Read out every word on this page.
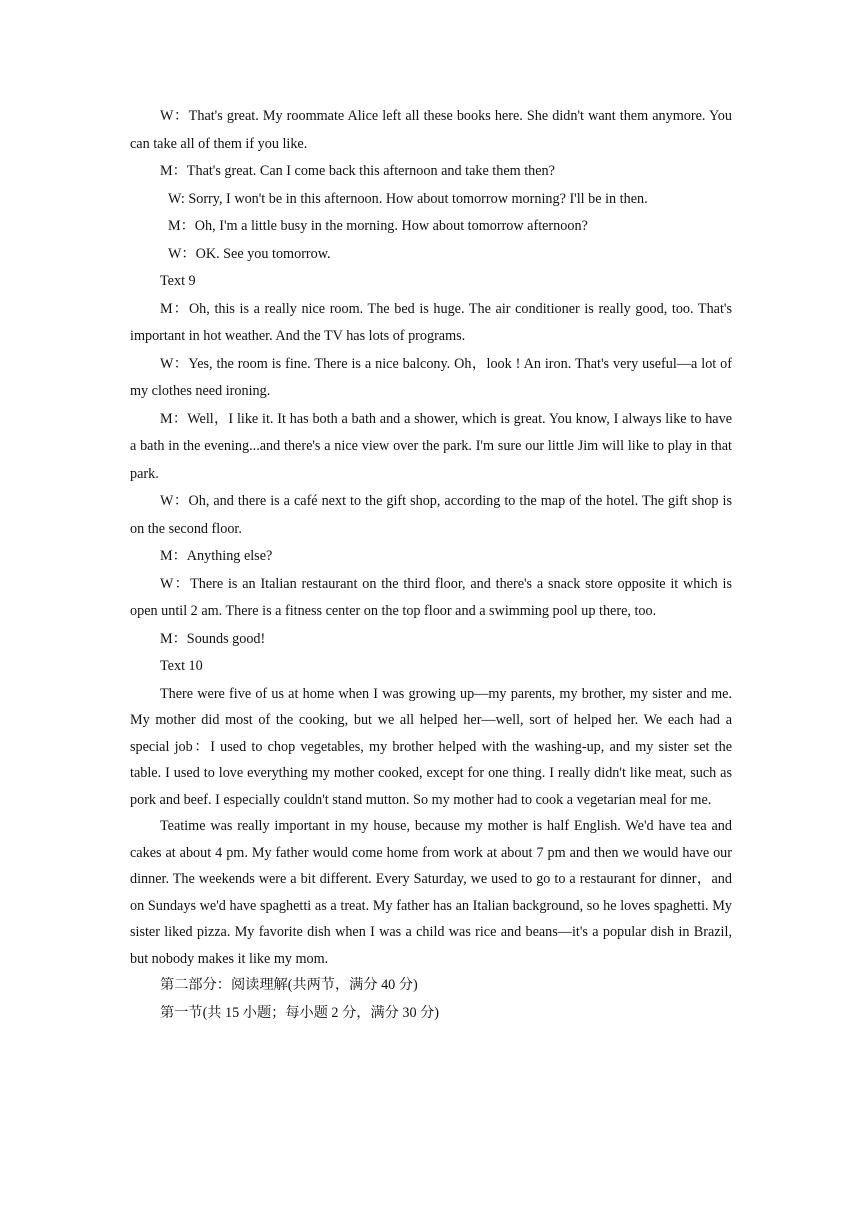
W：That's great. My roommate Alice left all these books here. She didn't want them anymore. You can take all of them if you like.

M：That's great. Can I come back this afternoon and take them then?

W: Sorry, I won't be in this afternoon. How about tomorrow morning? I'll be in then.

M：Oh, I'm a little busy in the morning. How about tomorrow afternoon?

W：OK. See you tomorrow.

Text 9

M：Oh, this is a really nice room. The bed is huge. The air conditioner is really good, too. That's important in hot weather. And the TV has lots of programs.

W：Yes, the room is fine. There is a nice balcony. Oh，look ! An iron. That's very useful—a lot of my clothes need ironing.

M：Well，I like it. It has both a bath and a shower, which is great. You know, I always like to have a bath in the evening...and there's a nice view over the park. I'm sure our little Jim will like to play in that park.

W：Oh, and there is a café next to the gift shop, according to the map of the hotel. The gift shop is on the second floor.

M：Anything else?

W：There is an Italian restaurant on the third floor, and there's a snack store opposite it which is open until 2 am. There is a fitness center on the top floor and a swimming pool up there, too.

M：Sounds good!

Text 10

There were five of us at home when I was growing up—my parents, my brother, my sister and me. My mother did most of the cooking, but we all helped her—well, sort of helped her. We each had a special job：I used to chop vegetables, my brother helped with the washing-up, and my sister set the table. I used to love everything my mother cooked, except for one thing. I really didn't like meat, such as pork and beef. I especially couldn't stand mutton. So my mother had to cook a vegetarian meal for me.

Teatime was really important in my house, because my mother is half English. We'd have tea and cakes at about 4 pm. My father would come home from work at about 7 pm and then we would have our dinner. The weekends were a bit different. Every Saturday, we used to go to a restaurant for dinner，and on Sundays we'd have spaghetti as a treat. My father has an Italian background, so he loves spaghetti. My sister liked pizza. My favorite dish when I was a child was rice and beans—it's a popular dish in Brazil, but nobody makes it like my mom.

第二部分：阅读理解(共两节，满分 40 分)

第一节(共 15 小题；每小题 2 分，满分 30 分)
